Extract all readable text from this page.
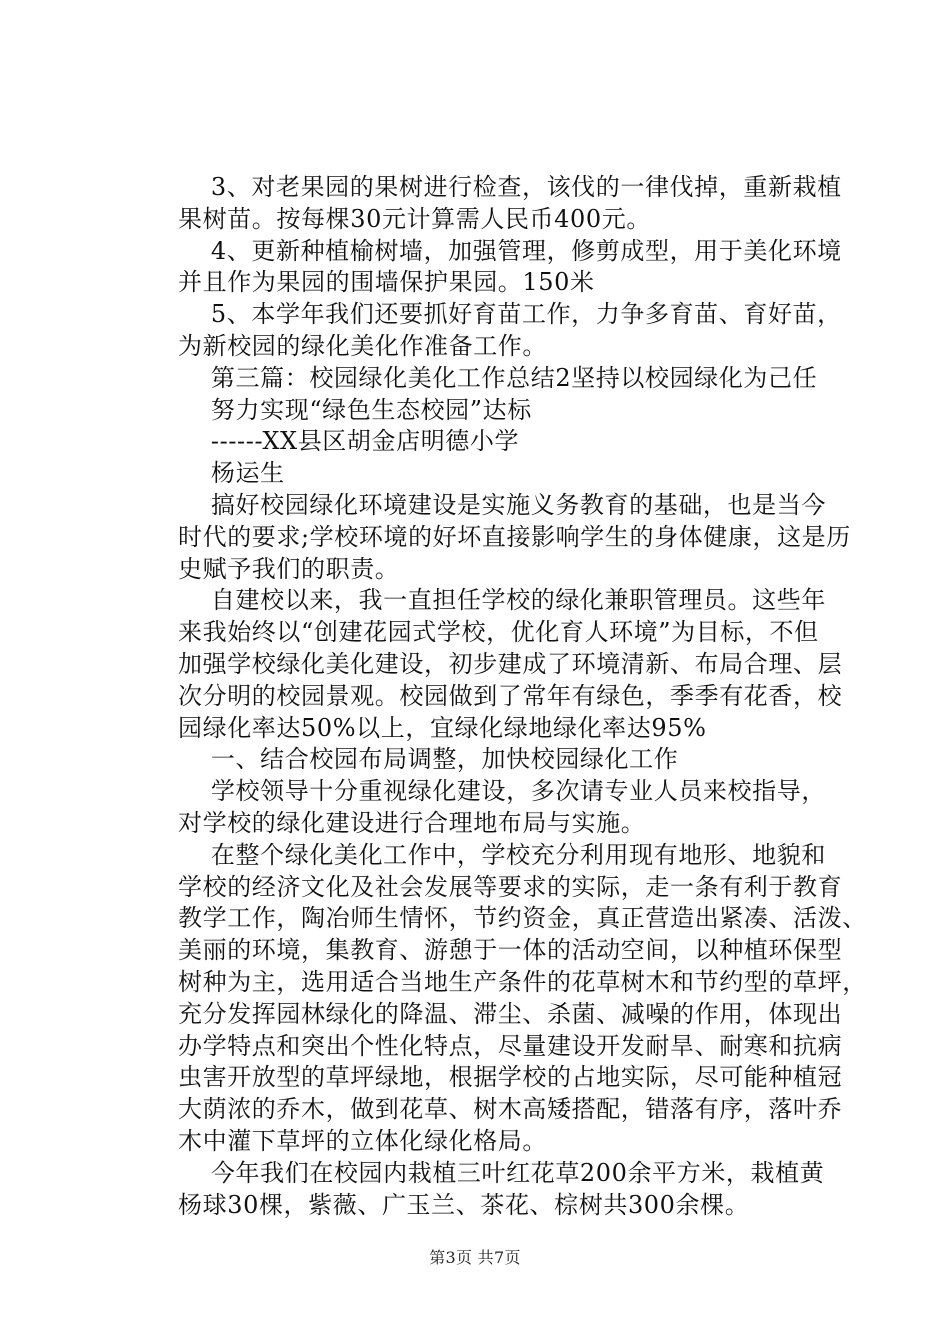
3、对老果园的果树进行检查，该伐的一律伐掉，重新栽植
果树苗。按每棵30元计算需人民币400元。
4、更新种植榆树墙，加强管理，修剪成型，用于美化环境
并且作为果园的围墙保护果园。150米
5、本学年我们还要抓好育苗工作，力争多育苗、育好苗，
为新校园的绿化美化作准备工作。
第三篇：校园绿化美化工作总结2坚持以校园绿化为己任
努力实现“绿色生态校园”达标
------XX县区胡金店明德小学
杨运生
搞好校园绿化环境建设是实施义务教育的基础，也是当今
时代的要求;学校环境的好坏直接影响学生的身体健康，这是历
史赋予我们的职责。
自建校以来，我一直担任学校的绿化兼职管理员。这些年
来我始终以“创建花园式学校，优化育人环境”为目标，不但
加强学校绿化美化建设，初步建成了环境清新、布局合理、层
次分明的校园景观。校园做到了常年有绿色，季季有花香，校
园绿化率达50%以上，宜绿化绿地绿化率达95%
一、结合校园布局调整，加快校园绿化工作
学校领导十分重视绿化建设，多次请专业人员来校指导，
对学校的绿化建设进行合理地布局与实施。
在整个绿化美化工作中，学校充分利用现有地形、地貌和
学校的经济文化及社会发展等要求的实际，走一条有利于教育
教学工作，陶冶师生情怀，节约资金，真正营造出紧凑、活泼、
美丽的环境，集教育、游憩于一体的活动空间，以种植环保型
树种为主，选用适合当地生产条件的花草树木和节约型的草坪，
充分发挥园林绿化的降温、滞尘、杀菌、减噪的作用，体现出
办学特点和突出个性化特点，尽量建设开发耐旱、耐寒和抗病
虫害开放型的草坪绿地，根据学校的占地实际，尽可能种植冠
大荫浓的乔木，做到花草、树木高矮搭配，错落有序，落叶乔
木中灌下草坪的立体化绿化格局。
今年我们在校园内栽植三叶红花草200余平方米，栽植黄
杨球30棵，紫薇、广玉兰、茶花、棕树共300余棵。

第3页 共7页
